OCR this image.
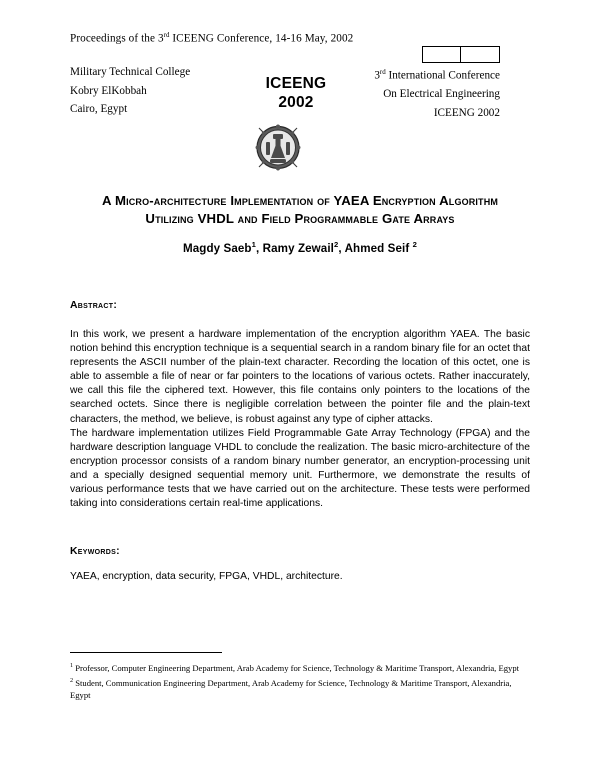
Proceedings of the 3rd ICEENG Conference, 14-16 May, 2002
Military Technical College
Kobry ElKobbah
Cairo, Egypt
ICEENG
2002
3rd International Conference
On Electrical Engineering
ICEENG 2002
A Micro-architecture Implementation of YAEA Encryption Algorithm
Utilizing VHDL and Field Programmable Gate Arrays
Magdy Saeb$^1$, Ramy Zewail$^2$, Ahmed Seif $^2$
Abstract:

In this work, we present a hardware implementation of the encryption algorithm YAEA. The basic notion behind this encryption technique is a sequential search in a random binary file for an octet that represents the ASCII number of the plain-text character. Recording the location of this octet, one is able to assemble a file of near or far pointers to the locations of various octets. Rather inaccurately, we call this file the ciphered text. However, this file contains only pointers to the locations of the searched octets. Since there is negligible correlation between the pointer file and the plain-text characters, the method, we believe, is robust against any type of cipher attacks.

The hardware implementation utilizes Field Programmable Gate Array Technology (FPGA) and the hardware description language VHDL to conclude the realization. The basic micro-architecture of the encryption processor consists of a random binary number generator, an encryption-processing unit and a specially designed sequential memory unit. Furthermore, we demonstrate the results of various performance tests that we have carried out on the architecture. These tests were performed taking into considerations certain real-time applications.

Keywords:
YAEA, encryption, data security, FPGA, VHDL, architecture.

$^1$ Professor, Computer Engineering Department, Arab Academy for Science, Technology & Maritime Transport, Alexandria, Egypt

$^2$ Student, Communication Engineering Department, Arab Academy for Science, Technology & Maritime Transport, Alexandria, Egypt
